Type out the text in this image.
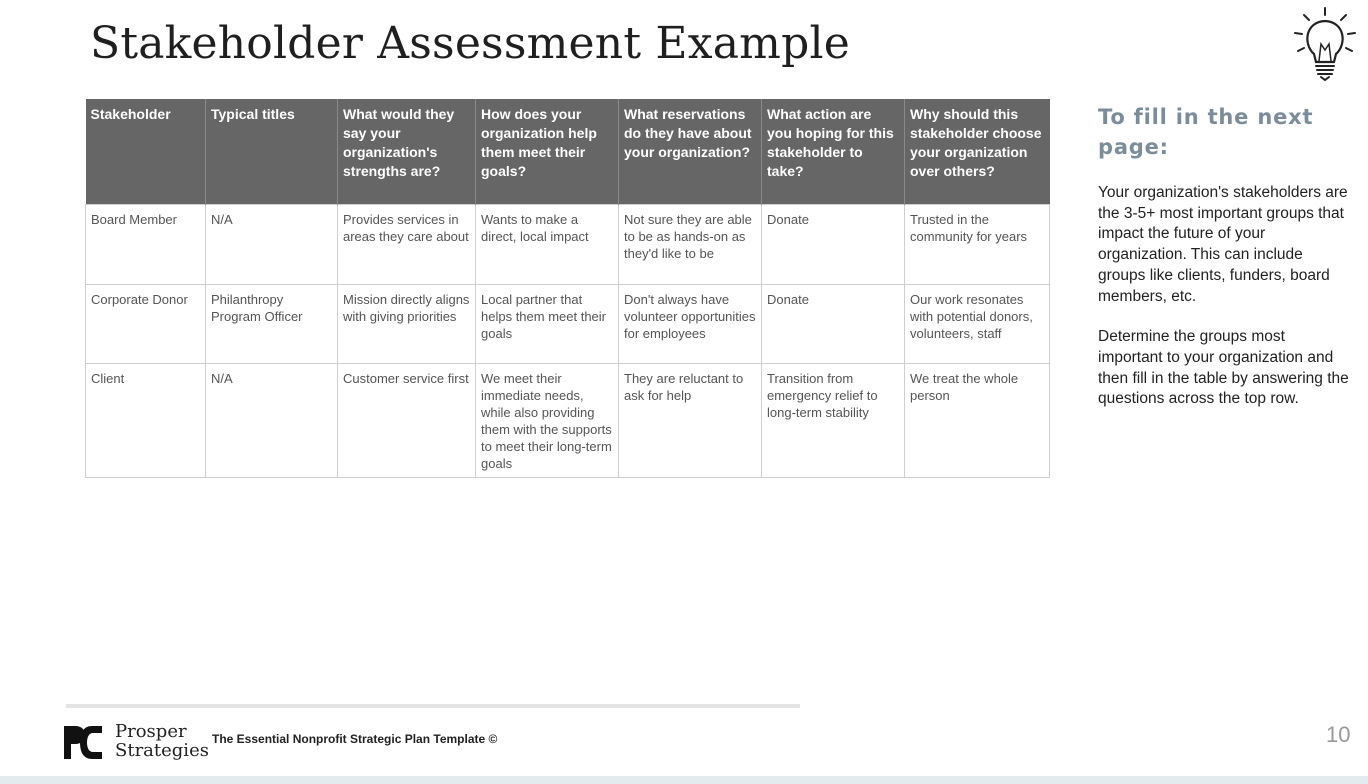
Stakeholder Assessment Example
Stakeholder	Typical titles	What would they say your organization's strengths are?	How does your organization help them meet their goals?	What reservations do they have about your organization?	What action are you hoping for this stakeholder to take?	Why should this stakeholder choose your organization over others?
Board Member	N/A	Provides services in areas they care about	Wants to make a direct, local impact	Not sure they are able to be as hands-on as they'd like to be	Donate	Trusted in the community for years
Corporate Donor	Philanthropy Program Officer	Mission directly aligns with giving priorities	Local partner that helps them meet their goals	Don't always have volunteer opportunities for employees	Donate	Our work resonates with potential donors, volunteers, staff
Client	N/A	Customer service first	We meet their immediate needs, while also providing them with the supports to meet their long-term goals	They are reluctant to ask for help	Transition from emergency relief to long-term stability	We treat the whole person
To fill in the next page:

Your organization's stakeholders are the 3-5+ most important groups that impact the future of your organization. This can include groups like clients, funders, board members, etc.

Determine the groups most important to your organization and then fill in the table by answering the questions across the top row.

Prosper
Strategies
The Essential Nonprofit Strategic Plan Template ©	10
